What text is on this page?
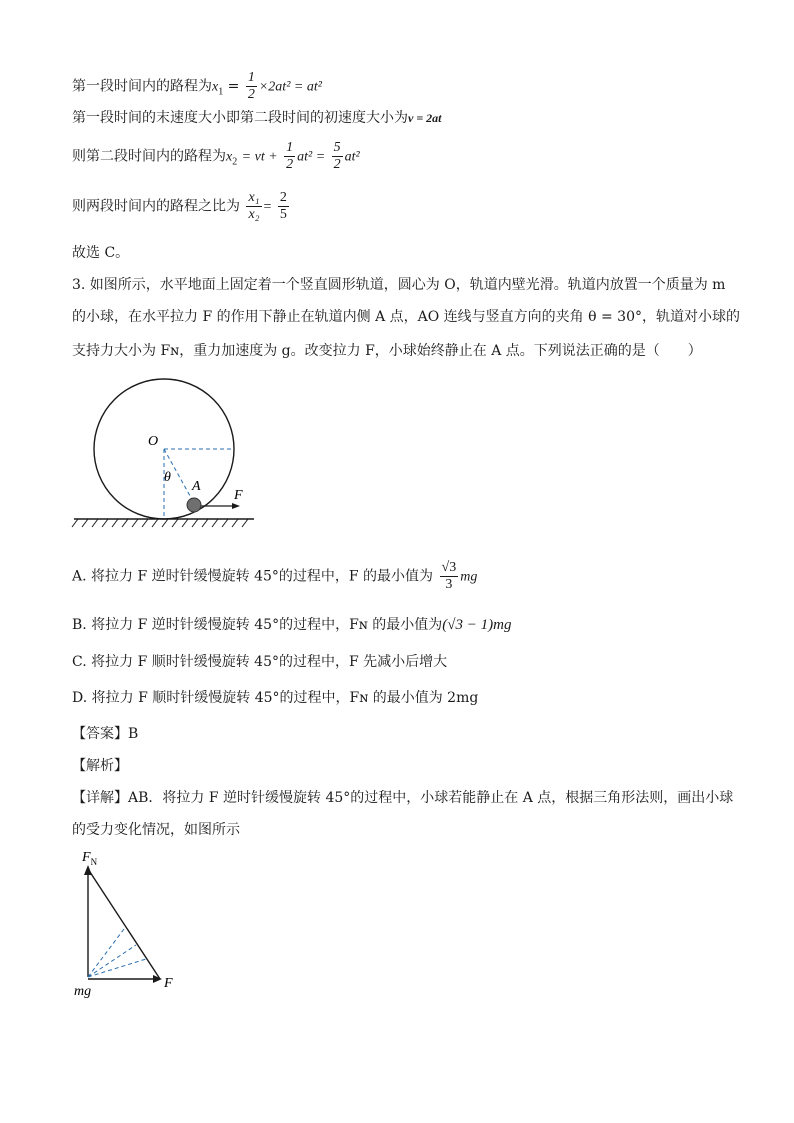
第一段时间内的路程为$x_1 = \frac{1}{2} \times 2at^2 = at^2$
第一段时间的末速度大小即第二段时间的初速度大小为v = 2at
则第二段时间内的路程为$x_2$ = vt + $\frac{1}{2} at^2 = \frac{5}{2} at^2$
则两段时间内的路程之比为 $\frac{\text{x₁}}{\text{x₂}} = \frac{2}{5}$
故选 C。
3. 如图所示，水平地面上固定着一个竖直圆形轨道，圆心为 O，轨道内壁光滑。轨道内放置一个质量为 m
的小球，在水平拉力 F 的作用下静止在轨道内侧 A 点，AO 连线与竖直方向的夹角 θ = 30°，轨道对小球的
支持力大小为 Fɴ，重力加速度为 g。改变拉力 F，小球始终静止在 A 点。下列说法正确的是（　　）
O
θ
A
F
A. 将拉力 F 逆时针缓慢旋转 45°的过程中，F 的最小值为 $\frac{√3}{3}$ mg
B. 将拉力 F 逆时针缓慢旋转 45°的过程中，Fɴ 的最小值为(√3 − 1)mg
C. 将拉力 F 顺时针缓慢旋转 45°的过程中，F 先减小后增大
D. 将拉力 F 顺时针缓慢旋转 45°的过程中，Fɴ 的最小值为 2mg
【答案】B
【解析】
【详解】AB．将拉力 F 逆时针缓慢旋转 45°的过程中，小球若能静止在 A 点，根据三角形法则，画出小球
的受力变化情况，如图所示
$F_N$
mg
F
